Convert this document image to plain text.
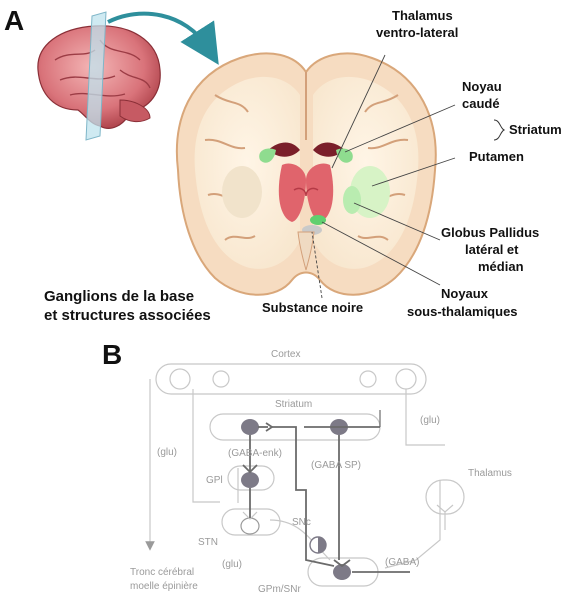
A	Thalamus
ventro-lateral
Noyau
caudé
Striatum
Putamen
Globus Pallidus
latéral et
médian
Noyaux
sous-thalamiques
Substance noire
Ganglions de la base
et structures associées
B	Cortex
Striatum
(glu)
(glu)	(GABA-enk)
(GABA SP)
GPl
STN
SNc
(glu)
GPm/SNr
(GABA)
Thalamus
Tronc cérébral
moelle épinière
